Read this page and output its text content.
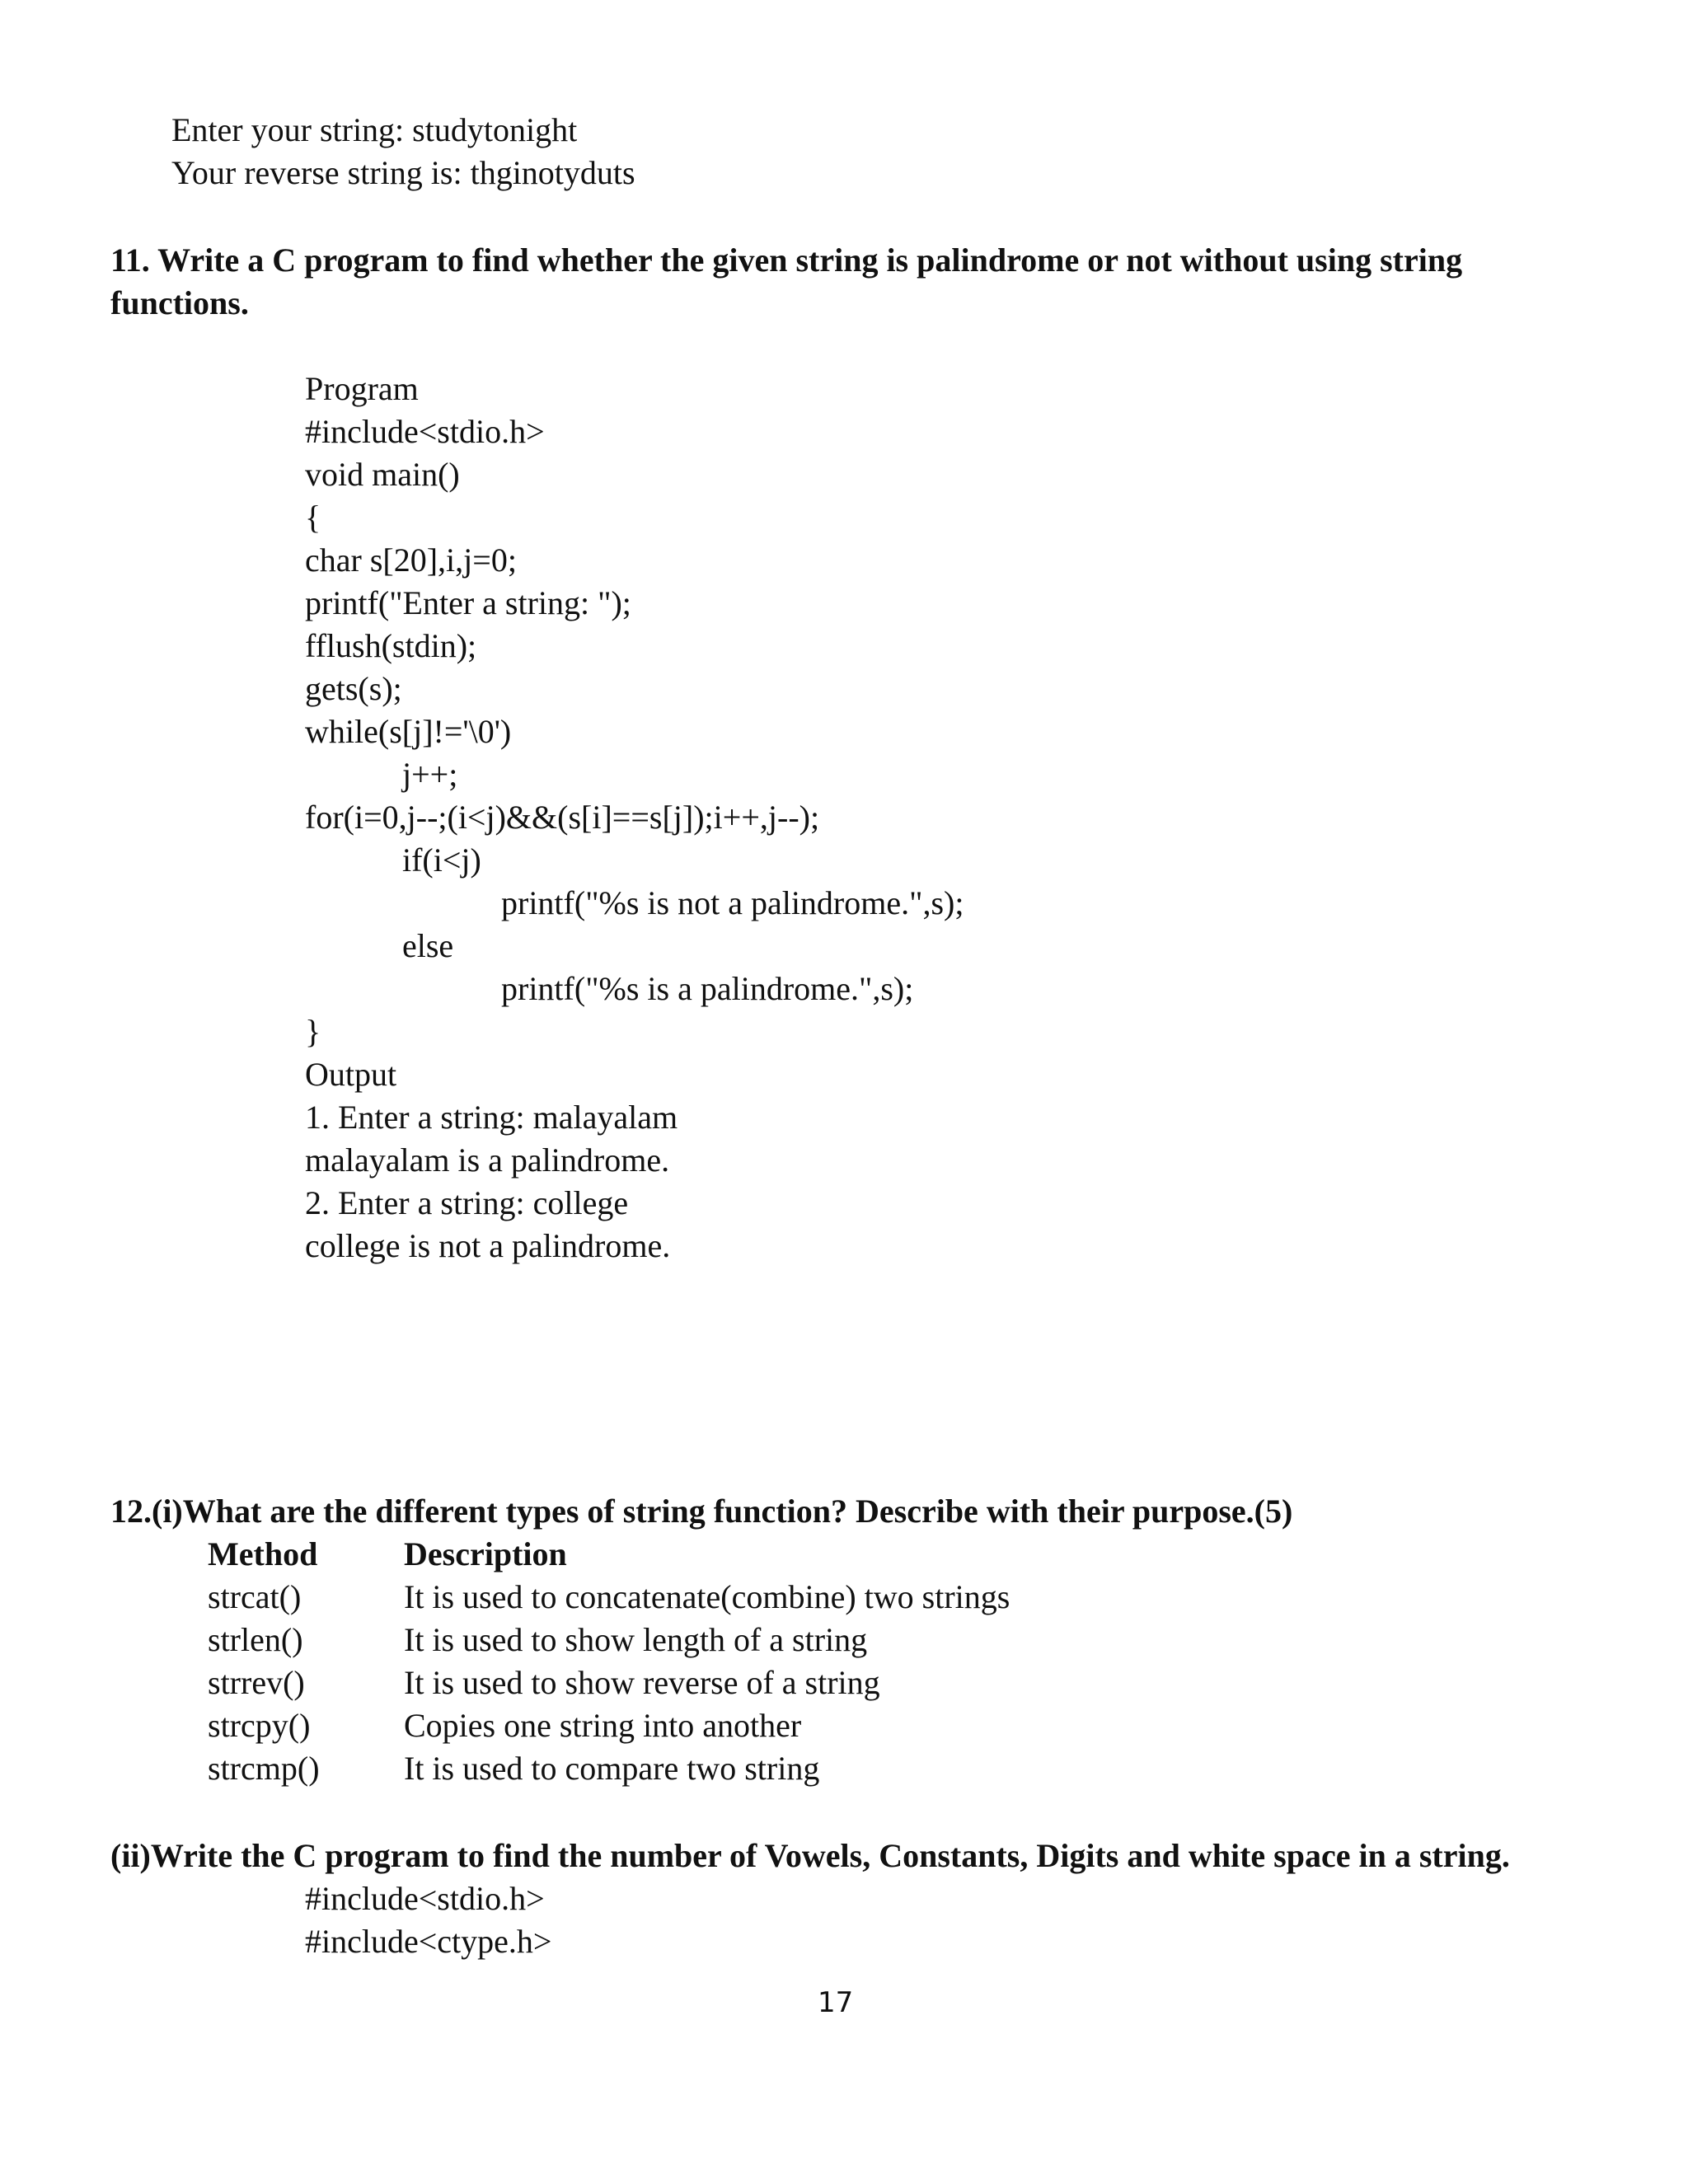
Enter your string: studytonight
Your reverse string is: thginotyduts
11. Write a C program to find whether the given string is palindrome or not without using string
functions.
Program
#include<stdio.h>
void main()
{
char s[20],i,j=0;
printf("Enter a string: ");
fflush(stdin);
gets(s);
while(s[j]!='\0')
j++;
for(i=0,j--;(i<j)&&(s[i]==s[j]);i++,j--);
if(i<j)
printf("%s is not a palindrome.",s);
else
printf("%s is a palindrome.",s);
}
Output
1. Enter a string: malayalam
malayalam is a palindrome.
2. Enter a string: college
college is not a palindrome.
12.(i)What are the different types of string function? Describe with their purpose.(5)
Method	Description
strcat()	It is used to concatenate(combine) two strings
strlen()	It is used to show length of a string
strrev()	It is used to show reverse of a string
strcpy()	Copies one string into another
strcmp()	It is used to compare two string
(ii)Write the C program to find the number of Vowels, Constants, Digits and white space in a string.
#include<stdio.h>
#include<ctype.h>
17
